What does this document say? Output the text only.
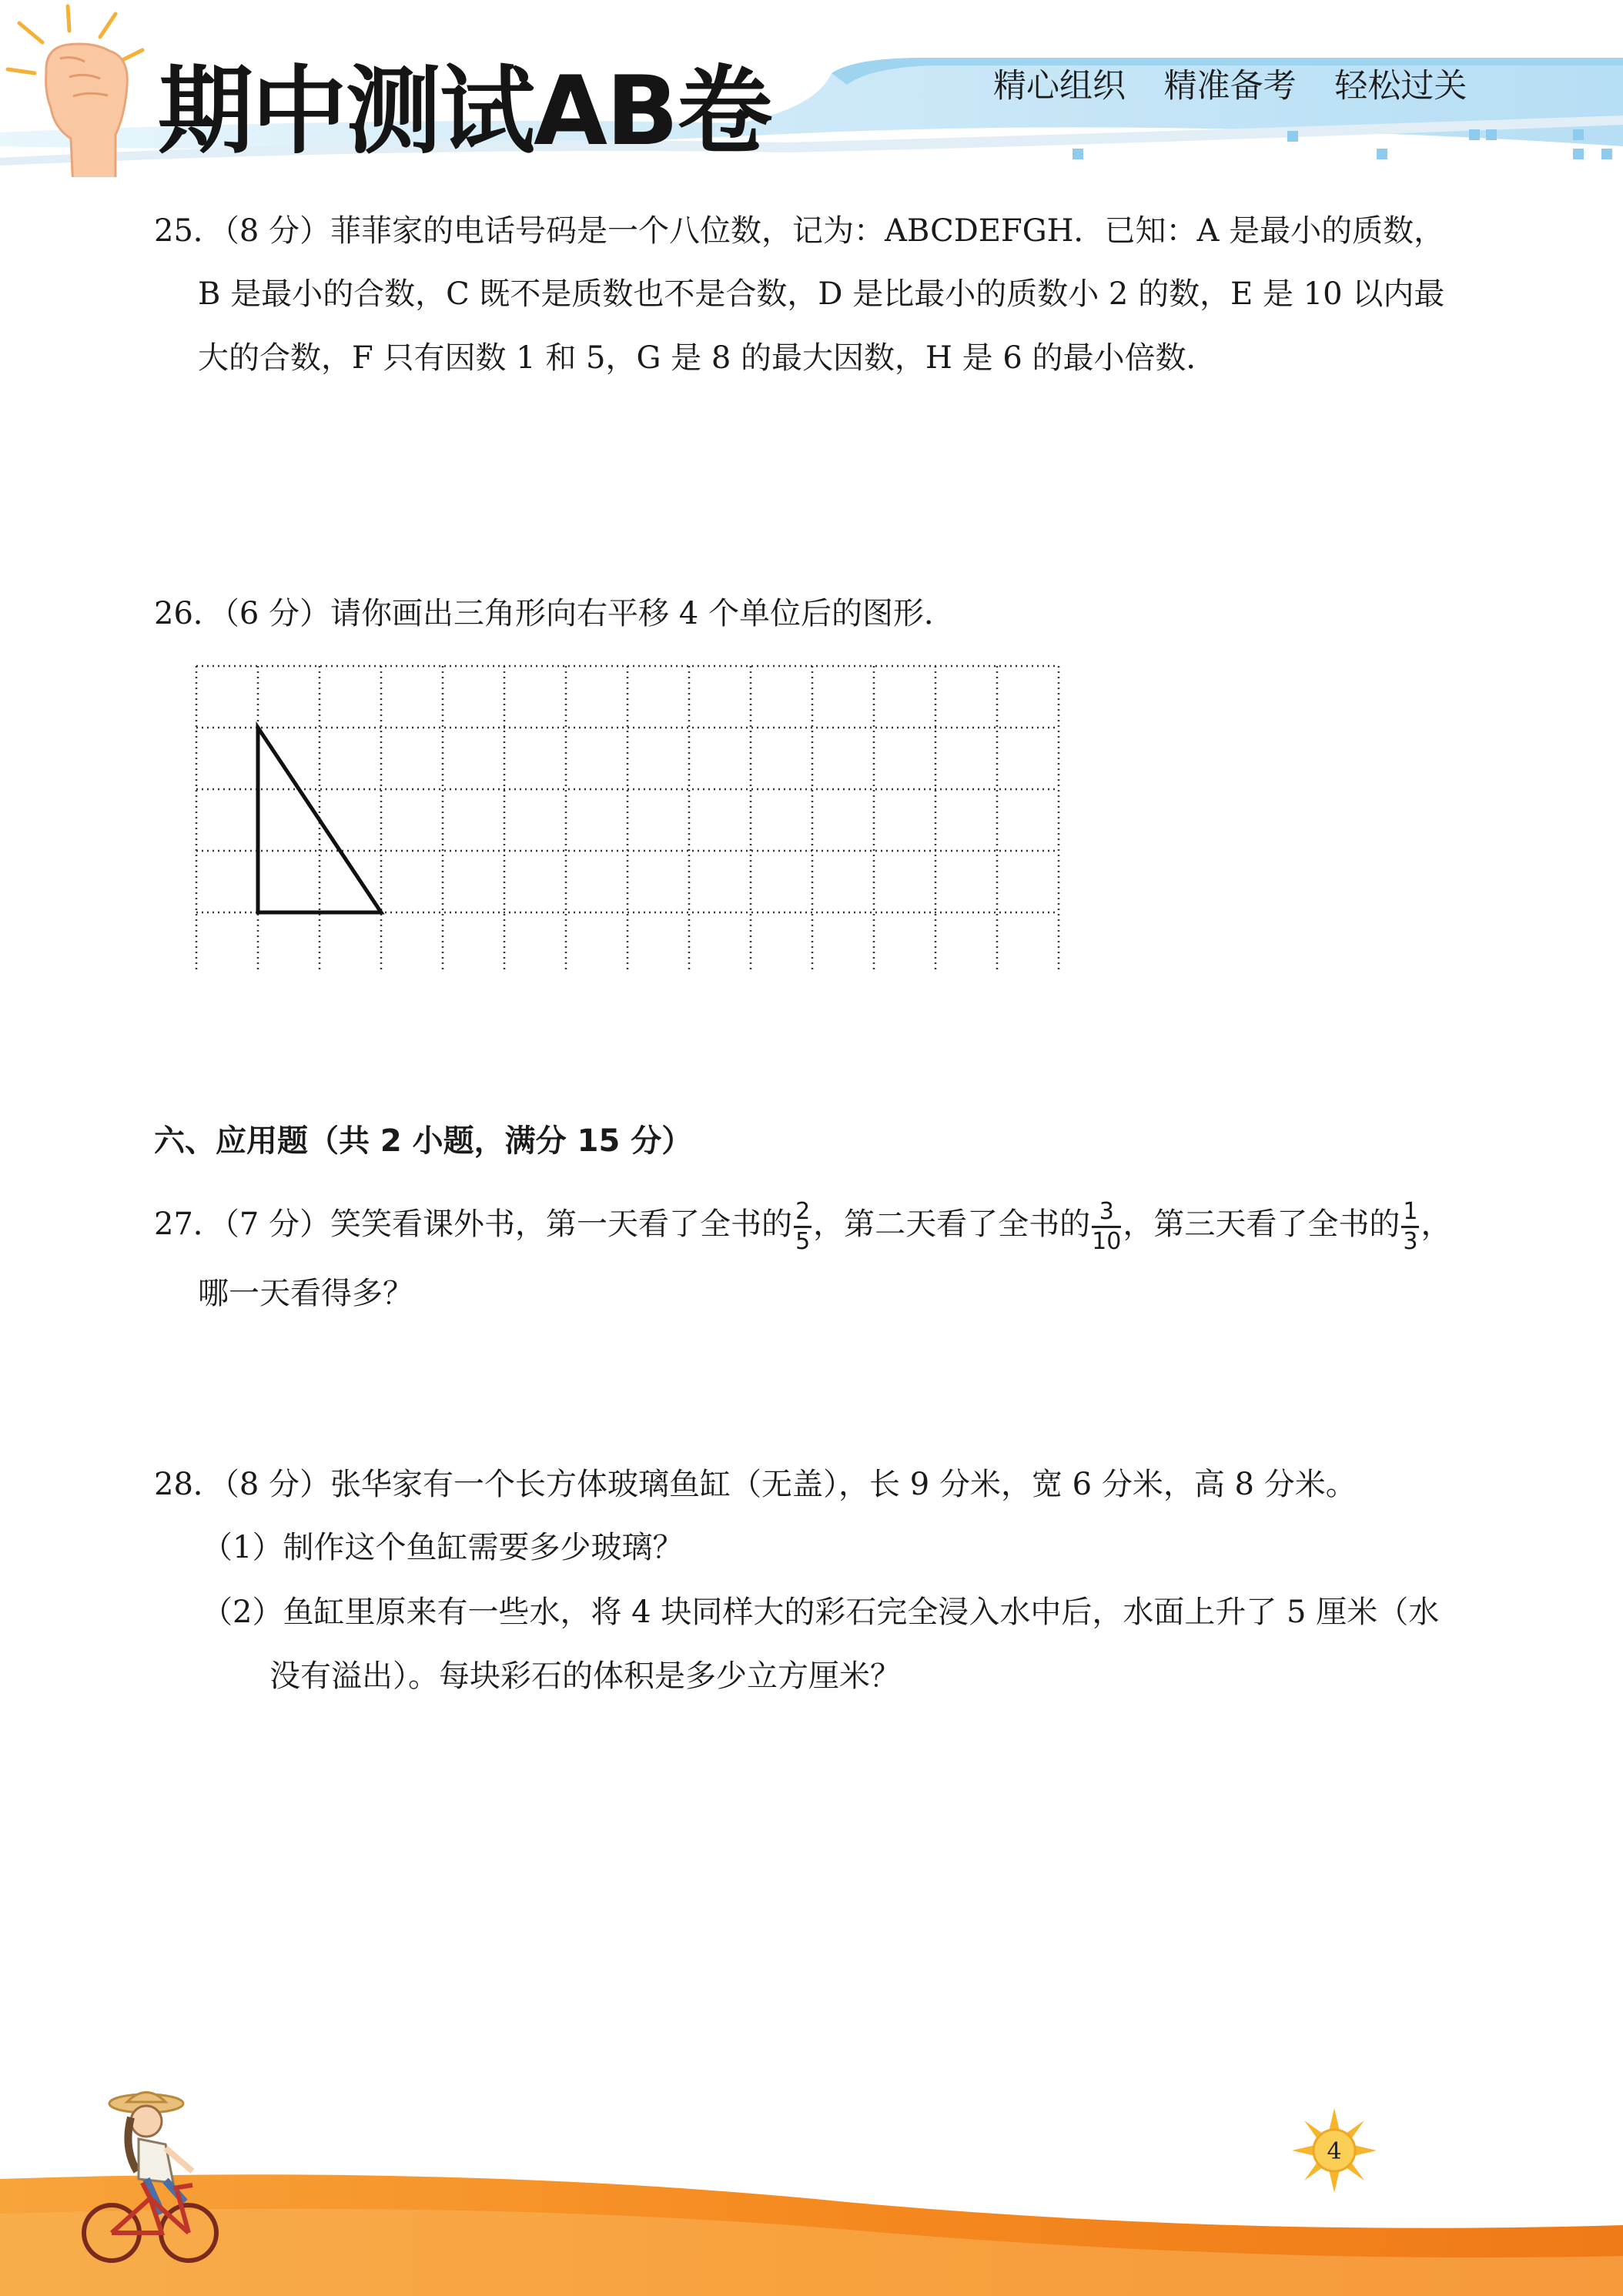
期中测试AB卷	精心组织 精准备考 轻松过关
25．（8 分）菲菲家的电话号码是一个八位数，记为：ABCDEFGH．已知：A 是最小的质数，
B 是最小的合数，C 既不是质数也不是合数，D 是比最小的质数小 2 的数，E 是 10 以内最
大的合数，F 只有因数 1 和 5，G 是 8 的最大因数，H 是 6 的最小倍数．
26．（6 分）请你画出三角形向右平移 4 个单位后的图形．
六、应用题（共 2 小题，满分 15 分）
27．（7 分）笑笑看课外书，第一天看了全书的 $\frac{2}{5}$ ，第二天看了全书的 $\frac{3}{10}$ ，第三天看了全书的 $\frac{1}{3}$ ，
哪一天看得多？
28．（8 分）张华家有一个长方体玻璃鱼缸（无盖），长 9 分米，宽 6 分米，高 8 分米。
（1）制作这个鱼缸需要多少玻璃？
（2）鱼缸里原来有一些水，将 4 块同样大的彩石完全浸入水中后，水面上升了 5 厘米（水
没有溢出）。每块彩石的体积是多少立方厘米？
4
